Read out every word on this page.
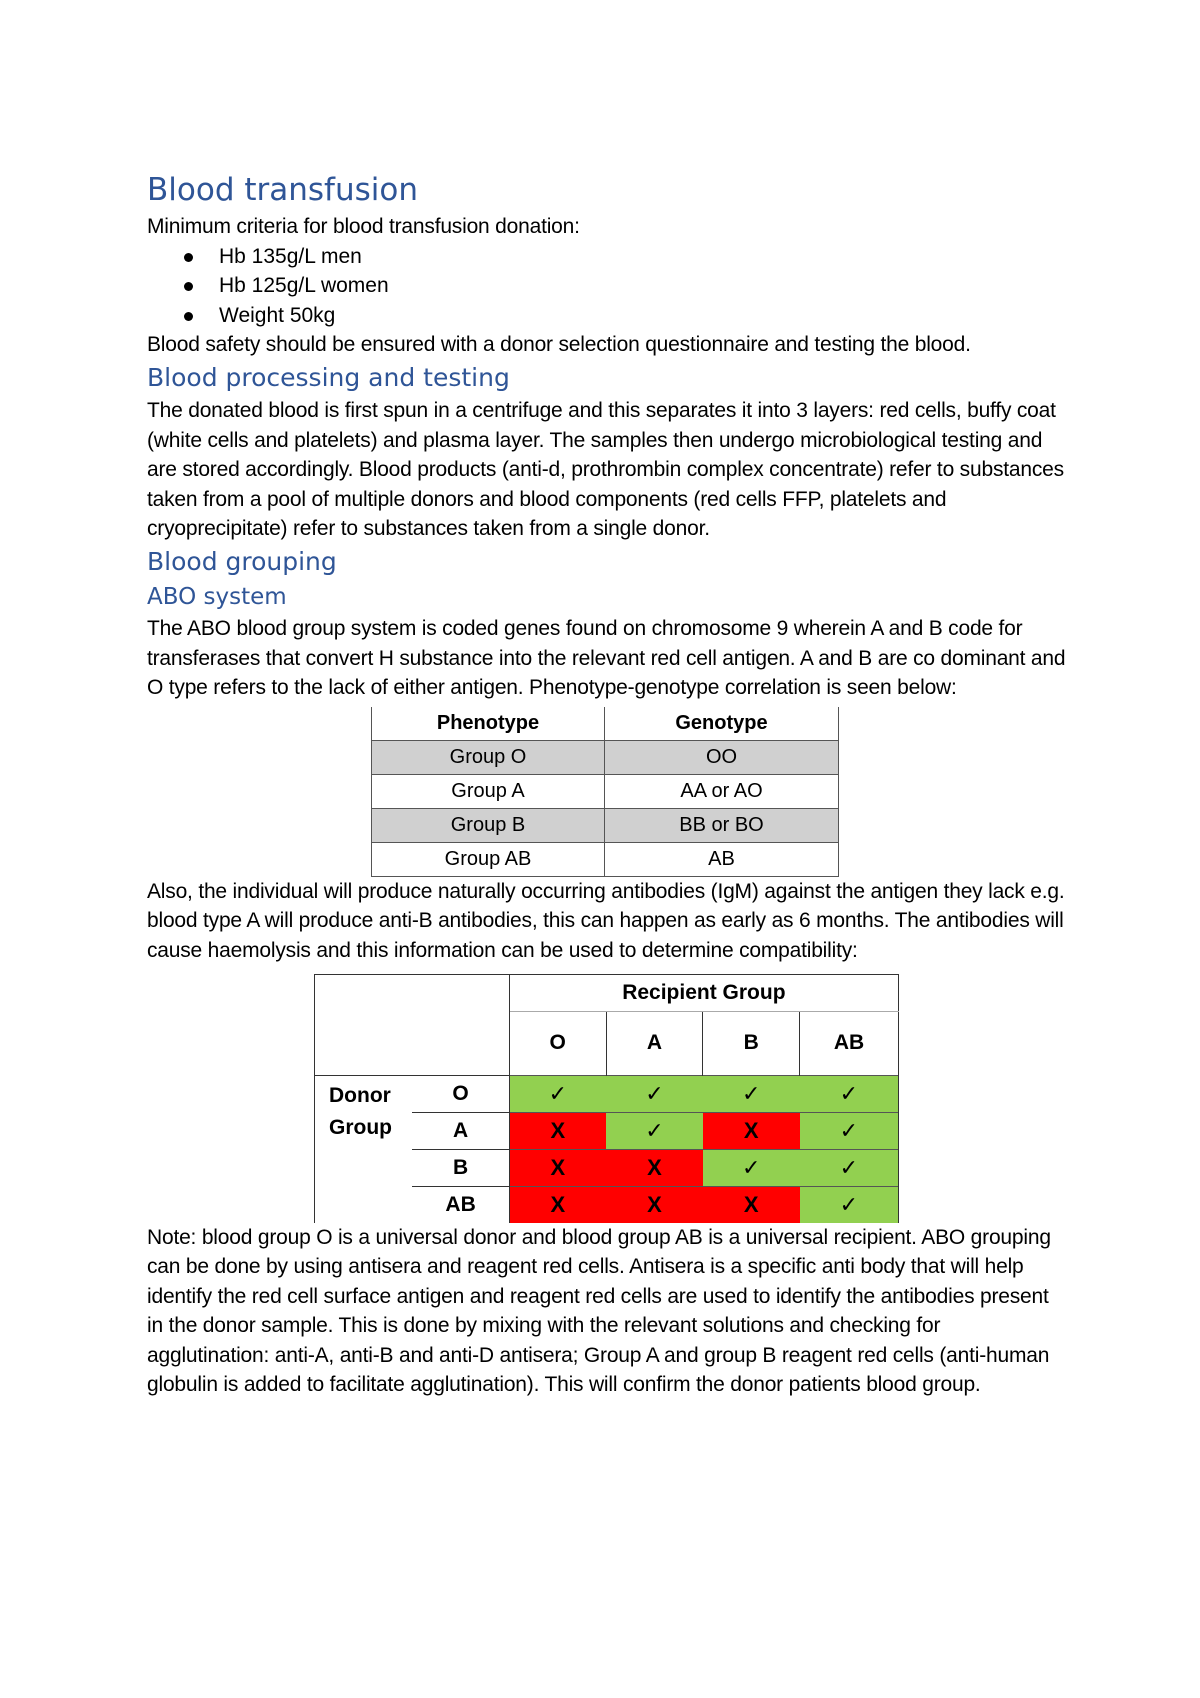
Blood transfusion

Minimum criteria for blood transfusion donation:

Hb 135g/L men
Hb 125g/L women
Weight 50kg

Blood safety should be ensured with a donor selection questionnaire and testing the blood.

Blood processing and testing

The donated blood is first spun in a centrifuge and this separates it into 3 layers: red cells, buffy coat (white cells and platelets) and plasma layer. The samples then undergo microbiological testing and are stored accordingly. Blood products (anti-d, prothrombin complex concentrate) refer to substances taken from a pool of multiple donors and blood components (red cells FFP, platelets and cryoprecipitate) refer to substances taken from a single donor.

Blood grouping
ABO system

The ABO blood group system is coded genes found on chromosome 9 wherein A and B code for transferases that convert H substance into the relevant red cell antigen. A and B are co dominant and O type refers to the lack of either antigen. Phenotype-genotype correlation is seen below:

Phenotype	Genotype
Group O	OO
Group A	AA or AO
Group B	BB or BO
Group AB	AB

Also, the individual will produce naturally occurring antibodies (IgM) against the antigen they lack e.g. blood type A will produce anti-B antibodies, this can happen as early as 6 months. The antibodies will cause haemolysis and this information can be used to determine compatibility:

		Recipient Group			
		O	A	B	AB
Donor
Group	O	✓	✓	✓	✓
	A	X	✓	X	✓
	B	X	X	✓	✓
	AB	X	X	X	✓

Note: blood group O is a universal donor and blood group AB is a universal recipient. ABO grouping can be done by using antisera and reagent red cells. Antisera is a specific anti body that will help identify the red cell surface antigen and reagent red cells are used to identify the antibodies present in the donor sample. This is done by mixing with the relevant solutions and checking for agglutination: anti-A, anti-B and anti-D antisera; Group A and group B reagent red cells (anti-human globulin is added to facilitate agglutination). This will confirm the donor patients blood group.
